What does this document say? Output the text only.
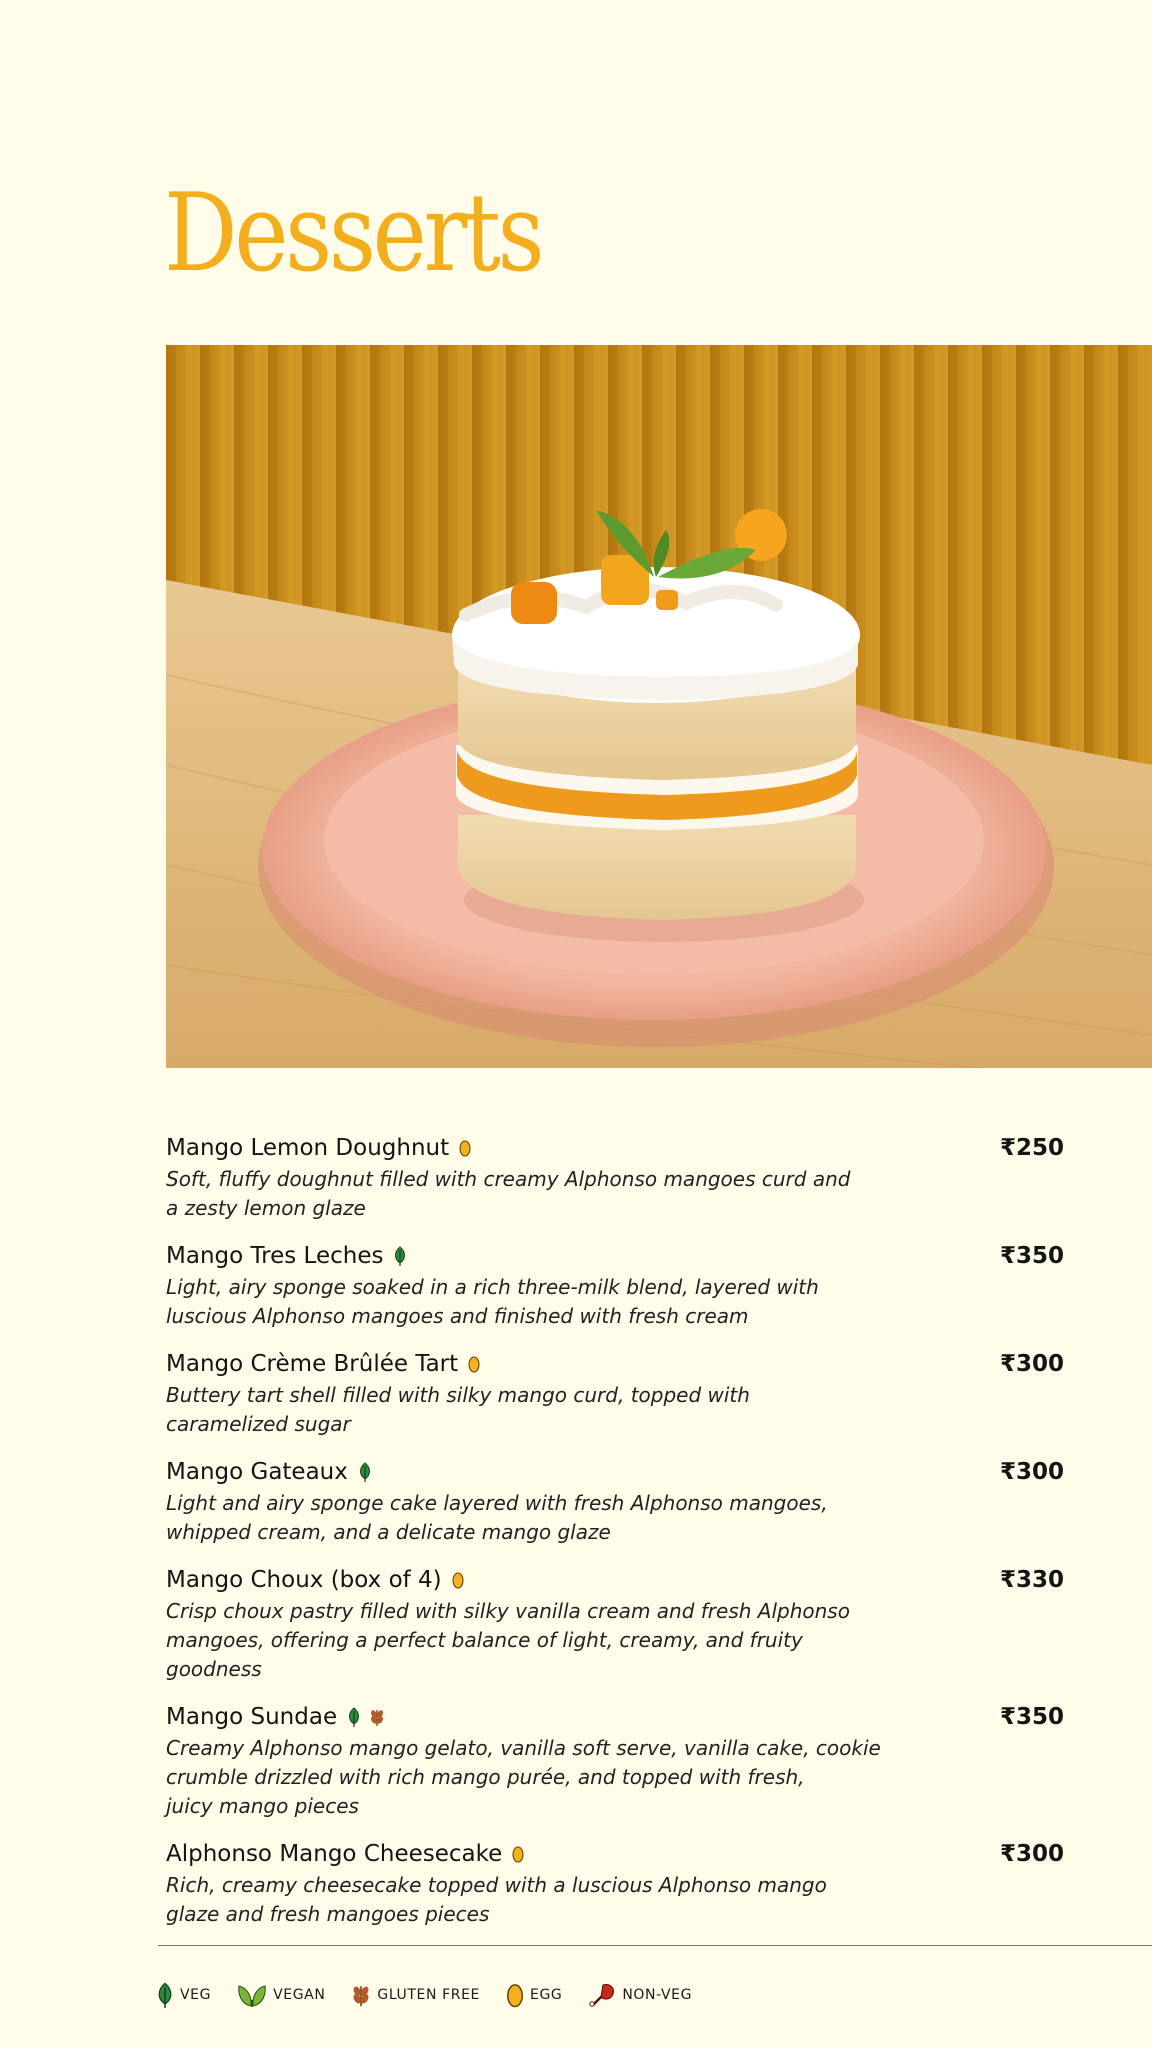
Desserts
Mango Lemon Doughnut	₹250
Soft, fluffy doughnut filled with creamy Alphonso mangoes curd and
a zesty lemon glaze
Mango Tres Leches	₹350
Light, airy sponge soaked in a rich three-milk blend, layered with
luscious Alphonso mangoes and finished with fresh cream
Mango Crème Brûlée Tart	₹300
Buttery tart shell filled with silky mango curd, topped with
caramelized sugar
Mango Gateaux	₹300
Light and airy sponge cake layered with fresh Alphonso mangoes,
whipped cream, and a delicate mango glaze
Mango Choux (box of 4)	₹330
Crisp choux pastry filled with silky vanilla cream and fresh Alphonso
mangoes, offering a perfect balance of light, creamy, and fruity goodness
Mango Sundae	₹350
Creamy Alphonso mango gelato, vanilla soft serve, vanilla cake, cookie
crumble drizzled with rich mango purée, and topped with fresh,
juicy mango pieces
Alphonso Mango Cheesecake	₹300
Rich, creamy cheesecake topped with a luscious Alphonso mango
glaze and fresh mangoes pieces
VEG	VEGAN	GLUTEN FREE	EGG	NON-VEG
